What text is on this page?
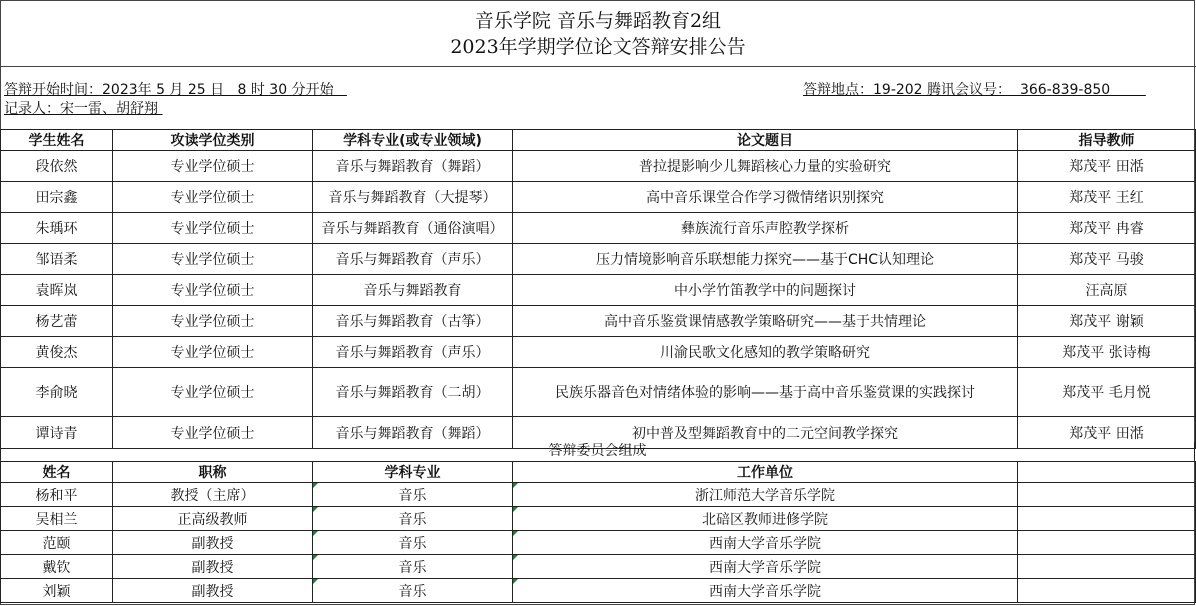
音乐学院 音乐与舞蹈教育2组
2023年学期学位论文答辩安排公告
答辩开始时间：2023年 5 月 25 日   8 时 30 分开始	答辩地点：19-202 腾讯会议号：  366-839-850
记录人：宋一雷、胡舒翔
学生姓名	攻读学位类别	学科专业(或专业领域)	论文题目	指导教师
段依然	专业学位硕士	音乐与舞蹈教育（舞蹈）	普拉提影响少儿舞蹈核心力量的实验研究	郑茂平 田湉
田宗鑫	专业学位硕士	音乐与舞蹈教育（大提琴）	高中音乐课堂合作学习微情绪识别探究	郑茂平 王红
朱瑀环	专业学位硕士	音乐与舞蹈教育（通俗演唱）	彝族流行音乐声腔教学探析	郑茂平 冉睿
邹语柔	专业学位硕士	音乐与舞蹈教育（声乐）	压力情境影响音乐联想能力探究——基于CHC认知理论	郑茂平 马骏
袁晖岚	专业学位硕士	音乐与舞蹈教育	中小学竹笛教学中的问题探讨	汪高原
杨艺蕾	专业学位硕士	音乐与舞蹈教育（古筝）	高中音乐鉴赏课情感教学策略研究——基于共情理论	郑茂平 谢颖
黄俊杰	专业学位硕士	音乐与舞蹈教育（声乐）	川渝民歌文化感知的教学策略研究	郑茂平 张诗梅
李俞晓	专业学位硕士	音乐与舞蹈教育（二胡）	民族乐器音色对情绪体验的影响——基于高中音乐鉴赏课的实践探讨	郑茂平 毛月悦
谭诗青	专业学位硕士	音乐与舞蹈教育（舞蹈）	初中普及型舞蹈教育中的二元空间教学探究	郑茂平 田湉
姓名	职称	学科专业	工作单位	
杨和平	教授（主席）	音乐	浙江师范大学音乐学院	
吴相兰	正高级教师	音乐	北碚区教师进修学院	
范颐	副教授	音乐	西南大学音乐学院	
戴钦	副教授	音乐	西南大学音乐学院	
刘颖	副教授	音乐	西南大学音乐学院	
答辩委员会组成
